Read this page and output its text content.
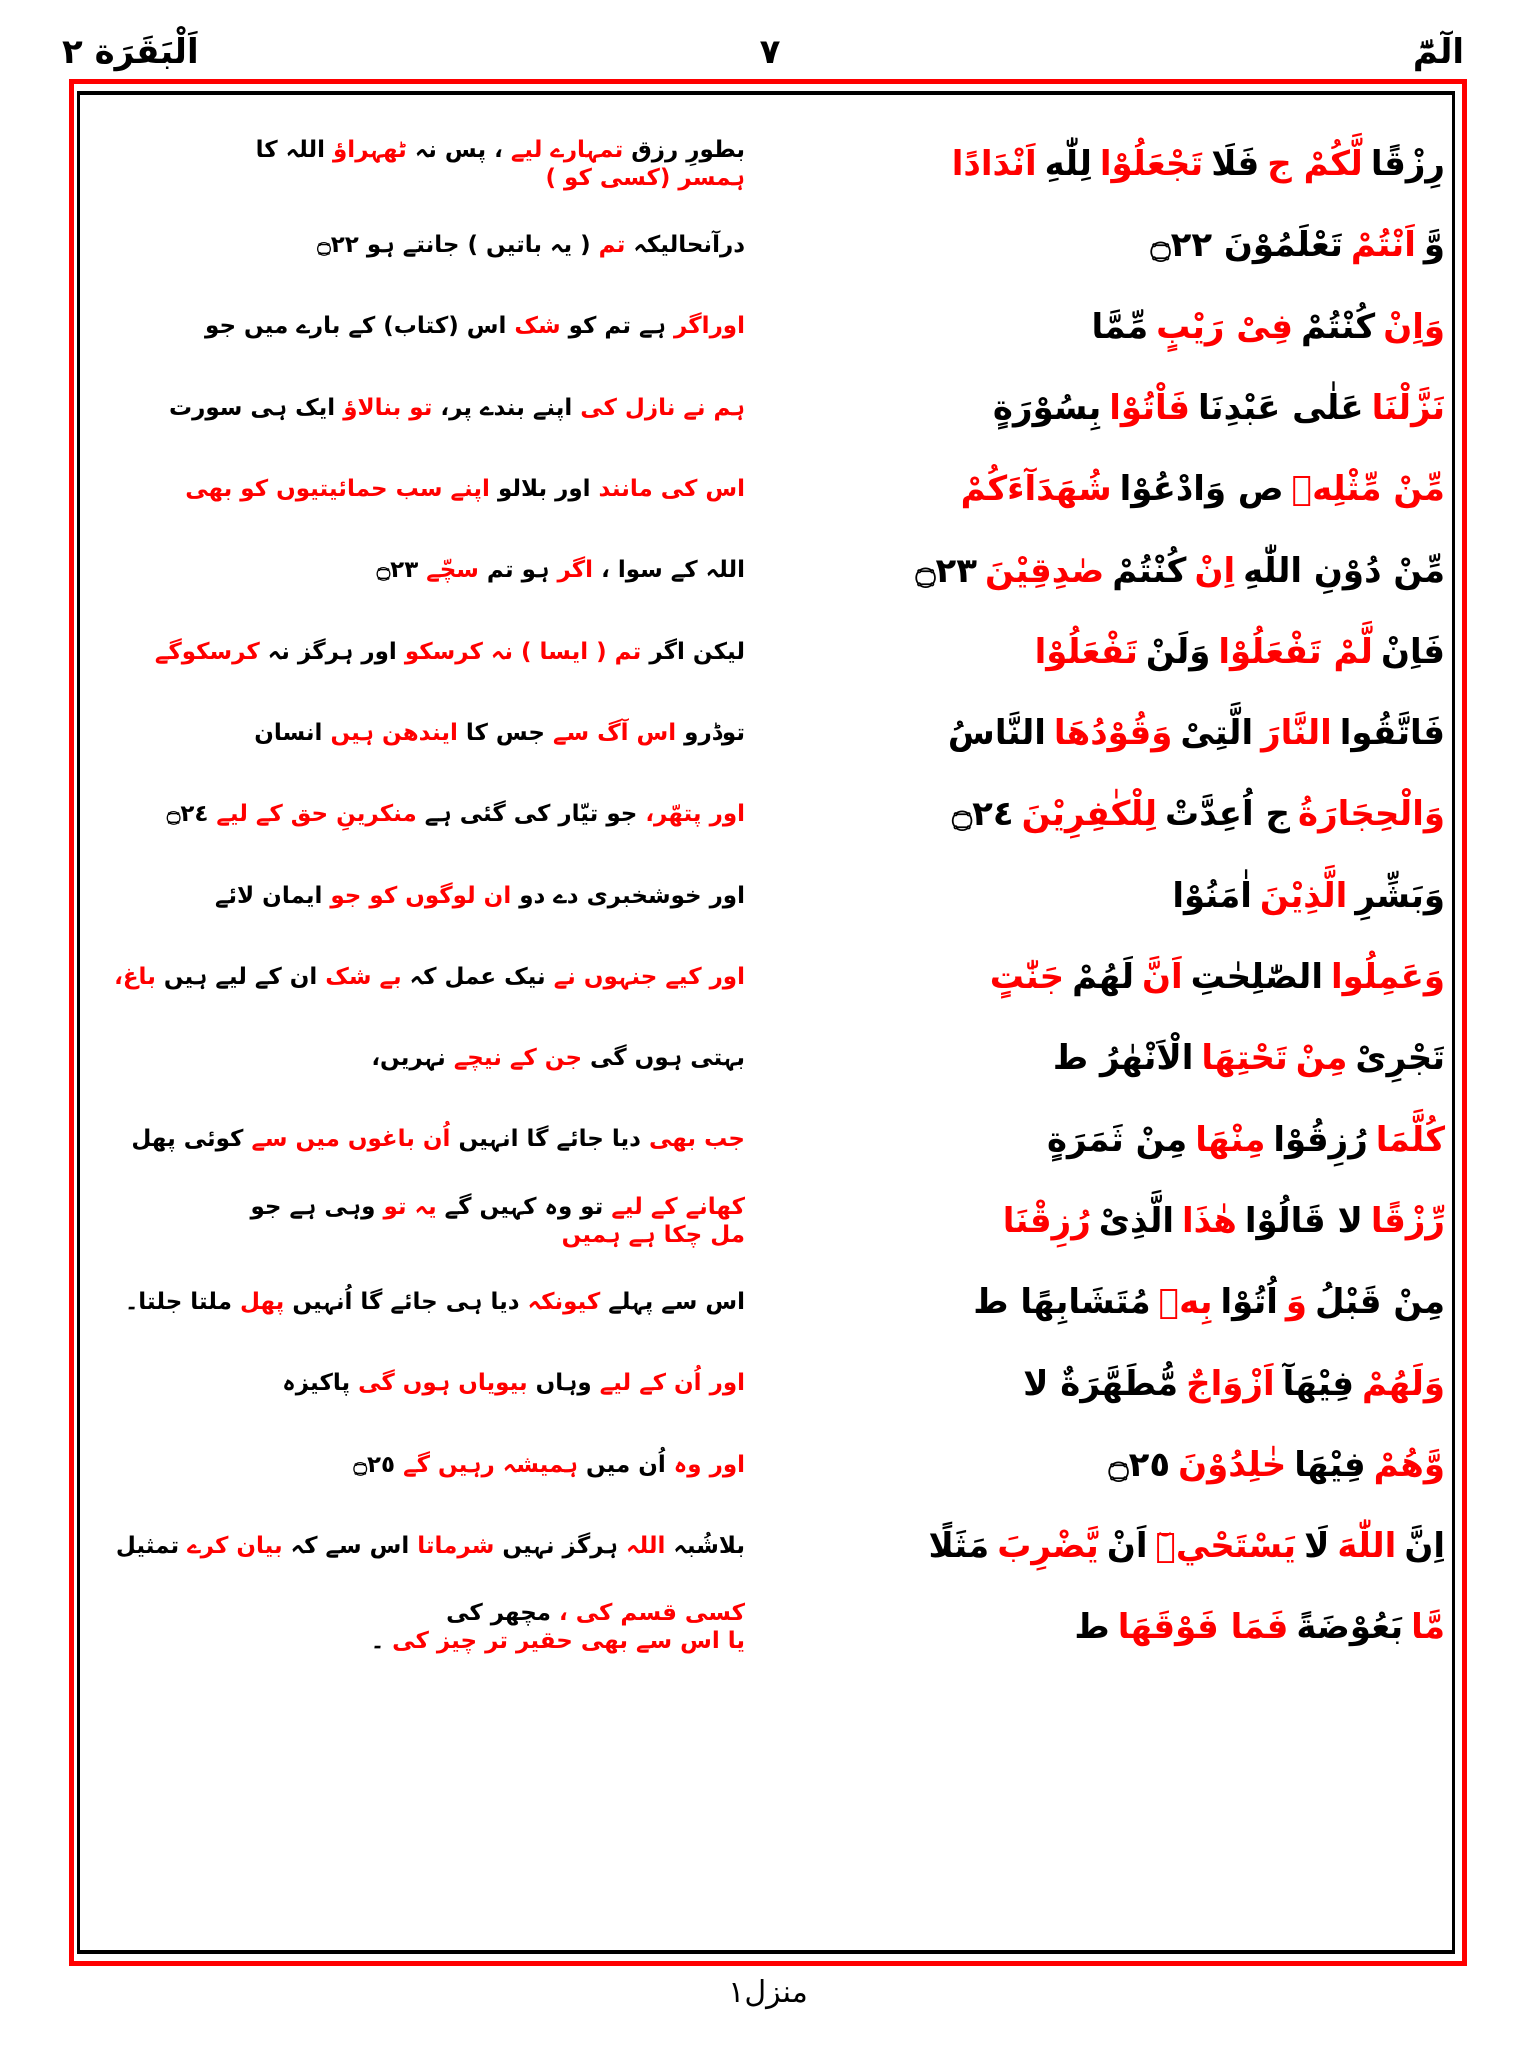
الٓمّٓ
۷
اَلْبَقَرَة ۲
رِزْقًا
لَّكُمْ ج
فَلَا
تَجْعَلُوْا
لِلّٰهِ
اَنْدَادًا
وَّ
اَنْتُمْ
تَعْلَمُوْنَ ۝٢٢
وَاِنْ
كُنْتُمْ
فِىْ رَيْبٍ
مِّمَّا
نَزَّلْنَا
عَلٰى عَبْدِنَا
فَاْتُوْا
بِسُوْرَةٍ
مِّنْ مِّثْلِهٖ
ص وَادْعُوْا
شُهَدَآءَكُمْ
مِّنْ دُوْنِ اللّٰهِ
اِنْ
كُنْتُمْ
صٰدِقِيْنَ
۝٢٣
فَاِنْ
لَّمْ تَفْعَلُوْا
وَلَنْ
تَفْعَلُوْا
فَاتَّقُوا
النَّارَ
الَّتِىْ
وَقُوْدُهَا
النَّاسُ
وَالْحِجَارَةُ
ج اُعِدَّتْ
لِلْكٰفِرِيْنَ
۝٢٤
وَبَشِّرِ
الَّذِيْنَ
اٰمَنُوْا
وَعَمِلُوا
الصّٰلِحٰتِ
اَنَّ
لَهُمْ
جَنّٰتٍ
تَجْرِىْ
مِنْ
تَحْتِهَا
الْاَنْهٰرُ ط
كُلَّمَا
رُزِقُوْا
مِنْهَا
مِنْ ثَمَرَةٍ
رِّزْقًا
لا قَالُوْا
هٰذَا
الَّذِىْ
رُزِقْنَا
مِنْ قَبْلُ
وَ
اُتُوْا
بِهٖ
مُتَشَابِهًا ط
وَلَهُمْ
فِيْهَآ
اَزْوَاجٌ
مُّطَهَّرَةٌ لا
وَّهُمْ
فِيْهَا
خٰلِدُوْنَ
۝٢٥
اِنَّ
اللّٰهَ
لَا
يَسْتَحْيٖٓ
اَنْ
يَّضْرِبَ
مَثَلًا
مَّا
بَعُوْضَةً
فَمَا فَوْقَهَا
ط
بطورِ رزق
تمہارے لیے
، پس نہ
ٹھہراؤ
اللہ کا
ہمسر (کسی کو )
درآنحالیکہ
تم
( یہ باتیں ) جانتے ہو ۝٢٢
اوراگر
ہے تم کو
شک
اس (کتاب) کے بارے میں جو
ہم نے
نازل کی
اپنے بندے پر،
تو بنالاؤ
ایک ہی سورت
اس کی
مانند
اور بلالو
اپنے سب حمائیتیوں کو بھی
اللہ کے سوا ،
اگر
ہو تم
سچّے
۝٢٣
لیکن اگر
تم ( ایسا )
نہ کرسکو
اور ہرگز نہ
کرسکوگے
توڈرو
اس آگ سے
جس کا
ایندھن ہیں
انسان
اور پتھّر،
جو تیّار کی گئی ہے
منکرینِ حق کے لیے
۝٢٤
اور خوشخبری دے دو
ان لوگوں کو جو
ایمان لائے
اور کیے جنہوں نے
نیک عمل کہ
بے شک
ان کے لیے ہیں
باغ،
بہتی ہوں گی
جن کے
نیچے
نہریں،
جب بھی
دیا جائے گا انہیں
اُن باغوں میں سے
کوئی پھل
کھانے کے لیے
تو وہ کہیں گے
یہ تو
وہی ہے جو
مل چکا ہے ہمیں
اس سے پہلے
کیونکہ
دیا ہی جائے گا اُنہیں
پھل
ملتا جلتا۔
اور اُن کے لیے
وہاں
بیویاں
ہوں گی
پاکیزہ
اور وہ
اُن میں
ہمیشہ رہیں گے
۝٢٥
بلاشُبہ
اللہ
ہرگز نہیں
شرماتا
اس سے کہ
بیان کرے
تمثیل
کسی قسم کی ،
مچھر کی
یا اس سے بھی حقیر تر چیز کی
۔
منزل۱
